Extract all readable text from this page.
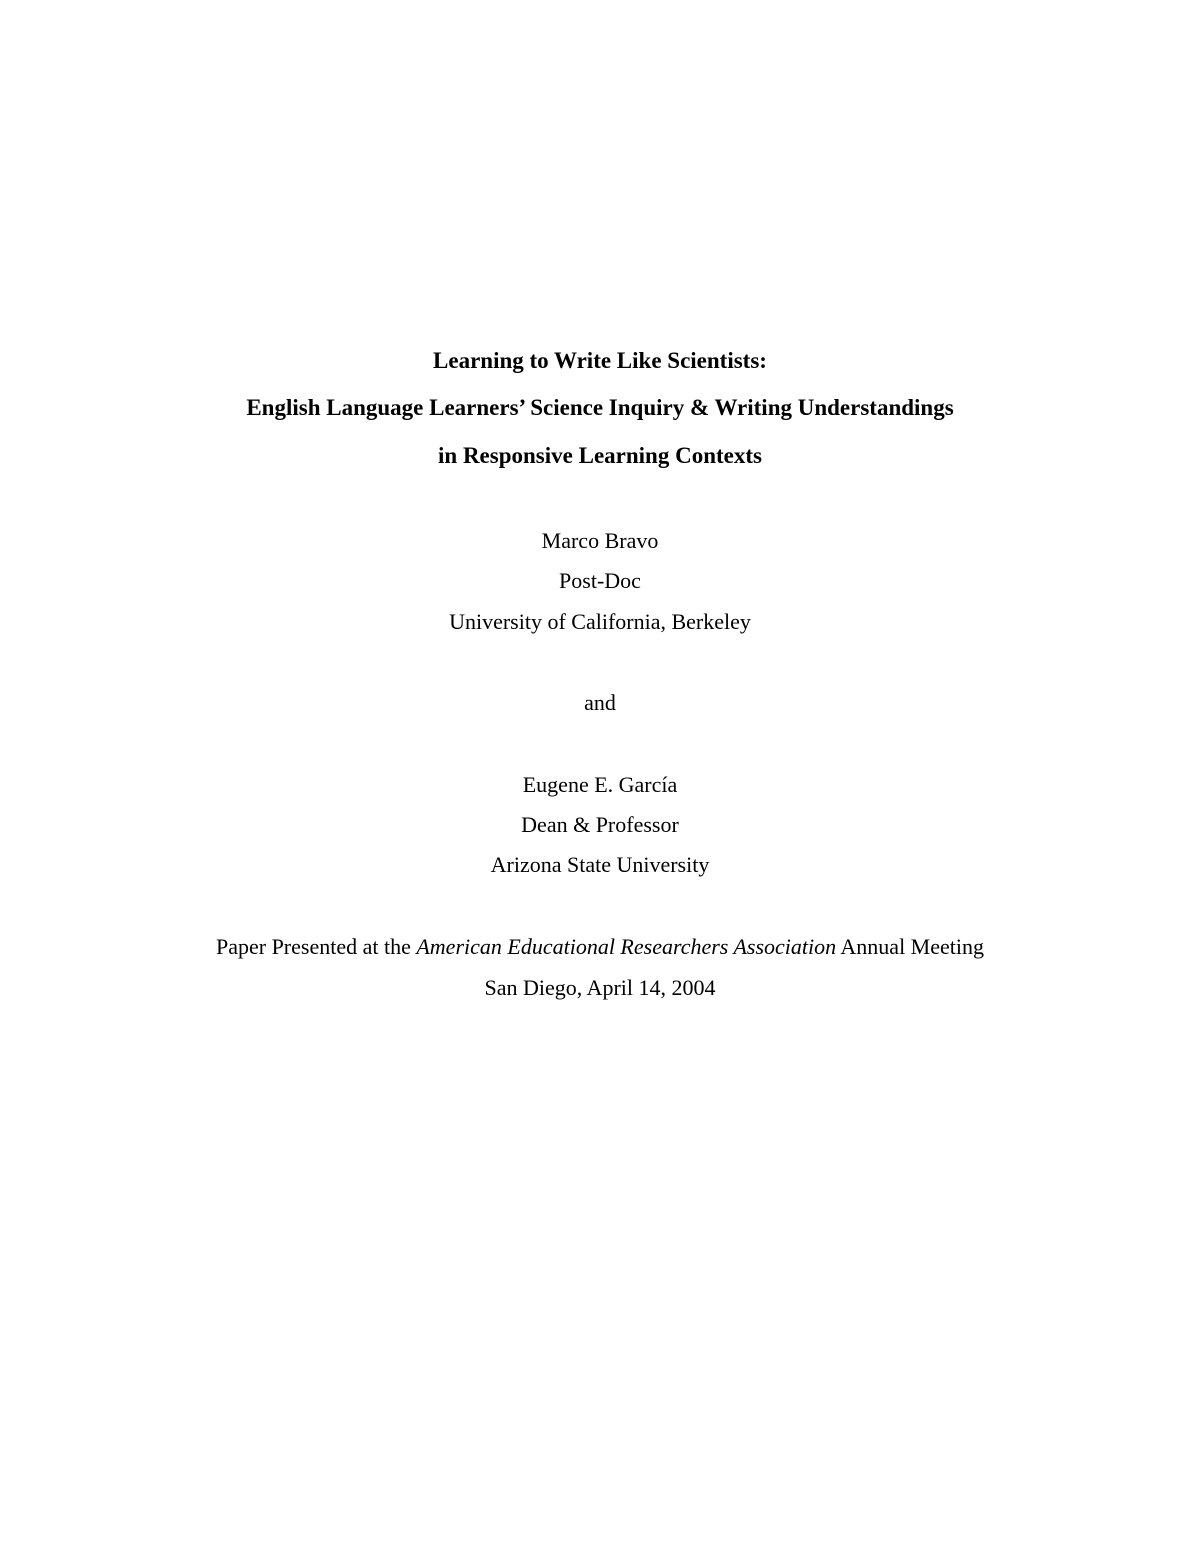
Learning to Write Like Scientists:
English Language Learners’ Science Inquiry & Writing Understandings
in Responsive Learning Contexts
Marco Bravo
Post-Doc
University of California, Berkeley
and
Eugene E. García
Dean & Professor
Arizona State University
Paper Presented at the American Educational Researchers Association Annual Meeting
San Diego, April 14, 2004
